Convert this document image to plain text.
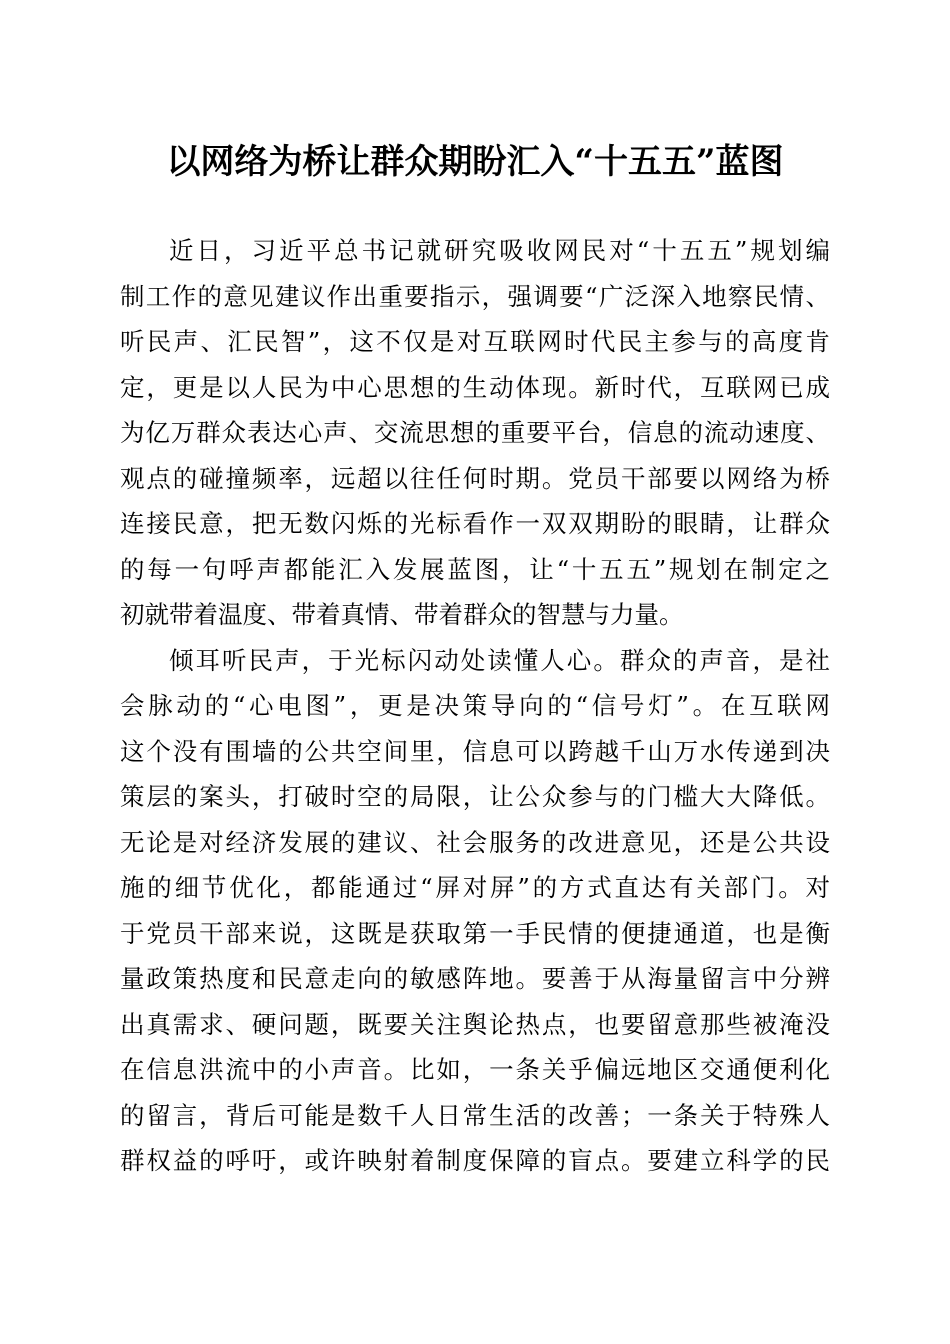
以网络为桥让群众期盼汇入“十五五”蓝图
近日，习近平总书记就研究吸收网民对“十五五”规划编
制工作的意见建议作出重要指示，强调要“广泛深入地察民情、
听民声、汇民智”，这不仅是对互联网时代民主参与的高度肯
定，更是以人民为中心思想的生动体现。新时代，互联网已成
为亿万群众表达心声、交流思想的重要平台，信息的流动速度、
观点的碰撞频率，远超以往任何时期。党员干部要以网络为桥
连接民意，把无数闪烁的光标看作一双双期盼的眼睛，让群众
的每一句呼声都能汇入发展蓝图，让“十五五”规划在制定之
初就带着温度、带着真情、带着群众的智慧与力量。
倾耳听民声，于光标闪动处读懂人心。群众的声音，是社
会脉动的“心电图”，更是决策导向的“信号灯”。在互联网
这个没有围墙的公共空间里，信息可以跨越千山万水传递到决
策层的案头，打破时空的局限，让公众参与的门槛大大降低。
无论是对经济发展的建议、社会服务的改进意见，还是公共设
施的细节优化，都能通过“屏对屏”的方式直达有关部门。对
于党员干部来说，这既是获取第一手民情的便捷通道，也是衡
量政策热度和民意走向的敏感阵地。要善于从海量留言中分辨
出真需求、硬问题，既要关注舆论热点，也要留意那些被淹没
在信息洪流中的小声音。比如，一条关乎偏远地区交通便利化
的留言，背后可能是数千人日常生活的改善；一条关于特殊人
群权益的呼吁，或许映射着制度保障的盲点。要建立科学的民
